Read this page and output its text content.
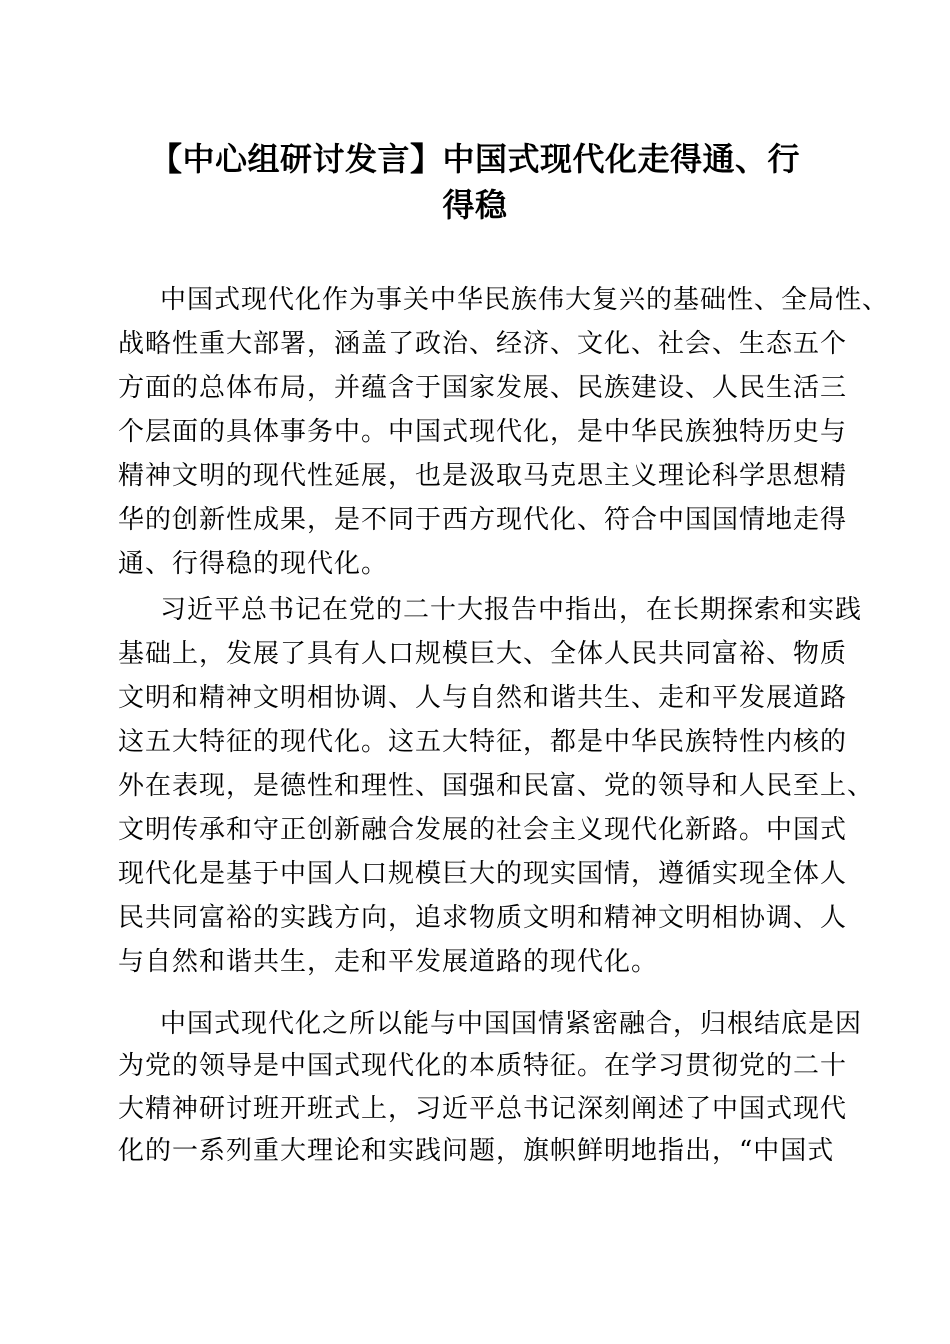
【中心组研讨发言】中国式现代化走得通、行
得稳
中国式现代化作为事关中华民族伟大复兴的基础性、全局性、
战略性重大部署，涵盖了政治、经济、文化、社会、生态五个
方面的总体布局，并蕴含于国家发展、民族建设、人民生活三
个层面的具体事务中。中国式现代化，是中华民族独特历史与
精神文明的现代性延展，也是汲取马克思主义理论科学思想精
华的创新性成果，是不同于西方现代化、符合中国国情地走得
通、行得稳的现代化。
习近平总书记在党的二十大报告中指出，在长期探索和实践
基础上，发展了具有人口规模巨大、全体人民共同富裕、物质
文明和精神文明相协调、人与自然和谐共生、走和平发展道路
这五大特征的现代化。这五大特征，都是中华民族特性内核的
外在表现，是德性和理性、国强和民富、党的领导和人民至上、
文明传承和守正创新融合发展的社会主义现代化新路。中国式
现代化是基于中国人口规模巨大的现实国情，遵循实现全体人
民共同富裕的实践方向，追求物质文明和精神文明相协调、人
与自然和谐共生，走和平发展道路的现代化。
中国式现代化之所以能与中国国情紧密融合，归根结底是因
为党的领导是中国式现代化的本质特征。在学习贯彻党的二十
大精神研讨班开班式上，习近平总书记深刻阐述了中国式现代
化的一系列重大理论和实践问题，旗帜鲜明地指出，“中国式
